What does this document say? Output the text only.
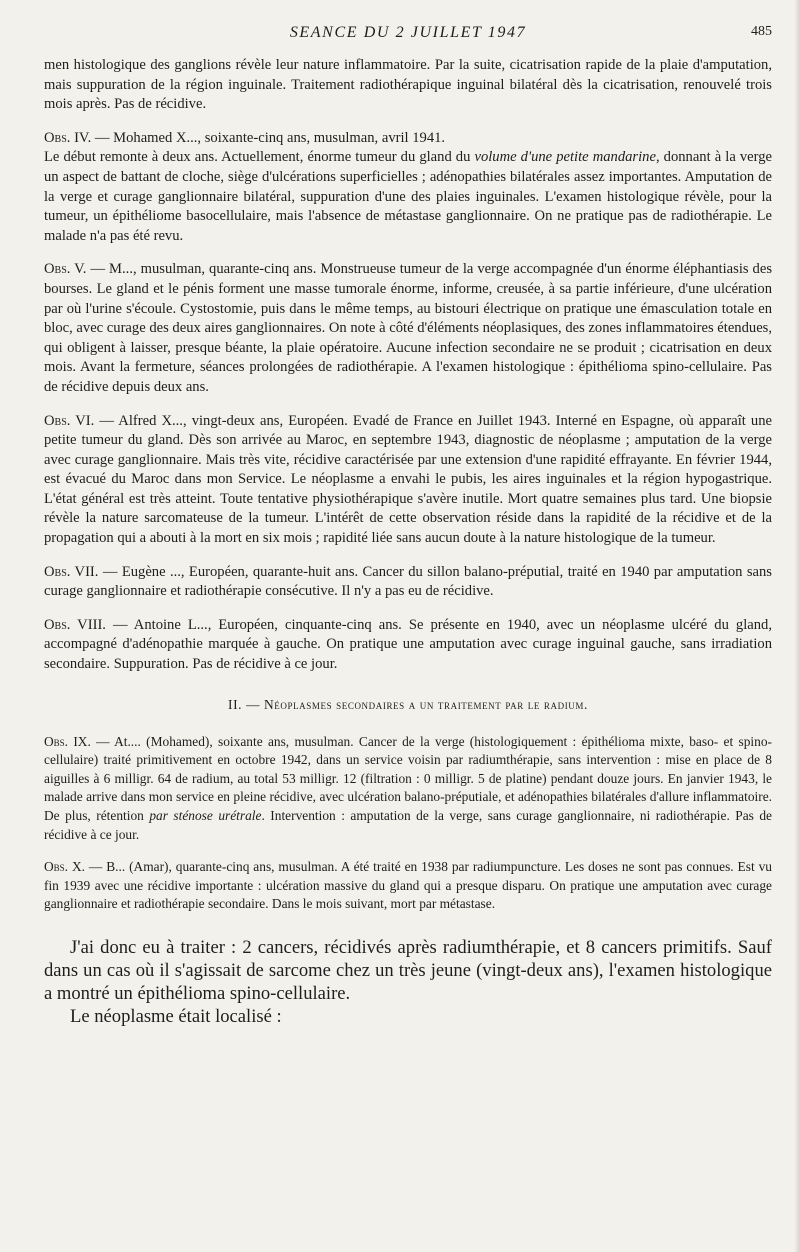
SEANCE DU 2 JUILLET 1947	485

men histologique des ganglions révèle leur nature inflammatoire. Par la suite, cicatrisation rapide de la plaie d'amputation, mais suppuration de la région inguinale. Traitement radiothérapique inguinal bilatéral dès la cicatrisation, renouvelé trois mois après. Pas de récidive.

Obs. IV. — Mohamed X..., soixante-cinq ans, musulman, avril 1941.

Le début remonte à deux ans. Actuellement, énorme tumeur du gland du volume d'une petite mandarine, donnant à la verge un aspect de battant de cloche, siège d'ulcérations superficielles ; adénopathies bilatérales assez importantes. Amputation de la verge et curage ganglionnaire bilatéral, suppuration d'une des plaies inguinales. L'examen histologique révèle, pour la tumeur, un épithéliome basocellulaire, mais l'absence de métastase ganglionnaire. On ne pratique pas de radiothérapie. Le malade n'a pas été revu.

Obs. V. — M..., musulman, quarante-cinq ans. Monstrueuse tumeur de la verge accompagnée d'un énorme éléphantiasis des bourses. Le gland et le pénis forment une masse tumorale énorme, informe, creusée, à sa partie inférieure, d'une ulcération par où l'urine s'écoule. Cystostomie, puis dans le même temps, au bistouri électrique on pratique une émasculation totale en bloc, avec curage des deux aires ganglionnaires. On note à côté d'éléments néoplasiques, des zones inflammatoires étendues, qui obligent à laisser, presque béante, la plaie opératoire. Aucune infection secondaire ne se produit ; cicatrisation en deux mois. Avant la fermeture, séances prolongées de radiothérapie. A l'examen histologique : épithélioma spino-cellulaire. Pas de récidive depuis deux ans.

Obs. VI. — Alfred X..., vingt-deux ans, Européen. Evadé de France en Juillet 1943. Interné en Espagne, où apparaît une petite tumeur du gland. Dès son arrivée au Maroc, en septembre 1943, diagnostic de néoplasme ; amputation de la verge avec curage ganglionnaire. Mais très vite, récidive caractérisée par une extension d'une rapidité effrayante. En février 1944, est évacué du Maroc dans mon Service. Le néoplasme a envahi le pubis, les aires inguinales et la région hypogastrique. L'état général est très atteint. Toute tentative physiothérapique s'avère inutile. Mort quatre semaines plus tard. Une biopsie révèle la nature sarcomateuse de la tumeur. L'intérêt de cette observation réside dans la rapidité de la récidive et de la propagation qui a abouti à la mort en six mois ; rapidité liée sans aucun doute à la nature histologique de la tumeur.

Obs. VII. — Eugène ..., Européen, quarante-huit ans. Cancer du sillon balano-préputial, traité en 1940 par amputation sans curage ganglionnaire et radiothérapie consécutive. Il n'y a pas eu de récidive.

Obs. VIII. — Antoine L..., Européen, cinquante-cinq ans. Se présente en 1940, avec un néoplasme ulcéré du gland, accompagné d'adénopathie marquée à gauche. On pratique une amputation avec curage inguinal gauche, sans irradiation secondaire. Suppuration. Pas de récidive à ce jour.

II. — Néoplasmes secondaires a un traitement par le radium.

Obs. IX. — At.... (Mohamed), soixante ans, musulman. Cancer de la verge (histologiquement : épithélioma mixte, baso- et spino-cellulaire) traité primitivement en octobre 1942, dans un service voisin par radiumthérapie, sans intervention : mise en place de 8 aiguilles à 6 milligr. 64 de radium, au total 53 milligr. 12 (filtration : 0 milligr. 5 de platine) pendant douze jours. En janvier 1943, le malade arrive dans mon service en pleine récidive, avec ulcération balano-préputiale, et adénopathies bilatérales d'allure inflammatoire. De plus, rétention par sténose urétrale. Intervention : amputation de la verge, sans curage ganglionnaire, ni radiothérapie. Pas de récidive à ce jour.

Obs. X. — B... (Amar), quarante-cinq ans, musulman. A été traité en 1938 par radiumpuncture. Les doses ne sont pas connues. Est vu fin 1939 avec une récidive importante : ulcération massive du gland qui a presque disparu. On pratique une amputation avec curage ganglionnaire et radiothérapie secondaire. Dans le mois suivant, mort par métastase.

J'ai donc eu à traiter : 2 cancers, récidivés après radiumthérapie, et 8 cancers primitifs. Sauf dans un cas où il s'agissait de sarcome chez un très jeune (vingt-deux ans), l'examen histologique a montré un épithélioma spino-cellulaire.

Le néoplasme était localisé :
